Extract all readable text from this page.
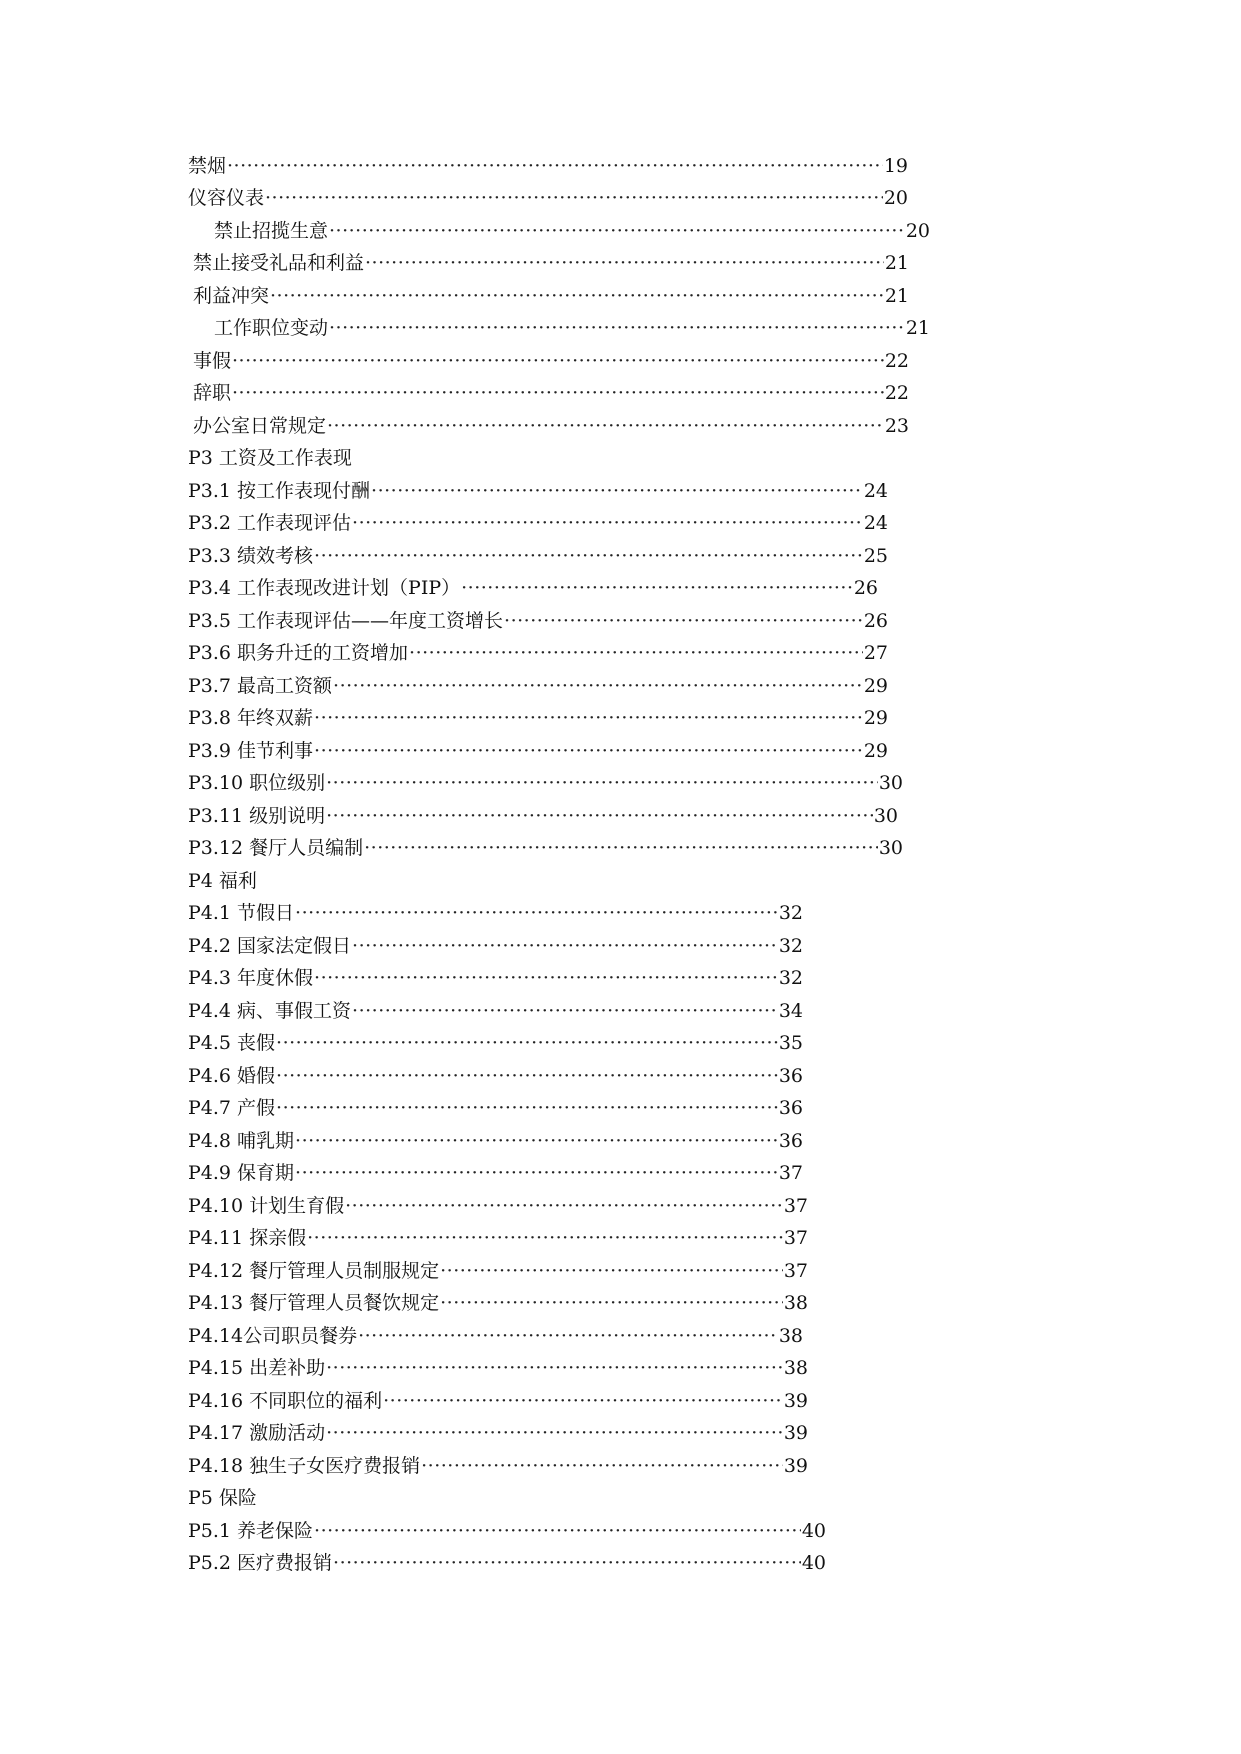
禁烟 ·····	19
仪容仪表 ·····	20
禁止招揽生意 ·····	20
禁止接受礼品和利益 ·····	21
利益冲突 ·····	21
工作职位变动 ·····	21
事假 ·····	22
辞职 ·····	22
办公室日常规定 ·····	23
P3 工资及工作表现
P3.1 按工作表现付酬 ·····	24
P3.2 工作表现评估 ·····	24
P3.3 绩效考核 ·····	25
P3.4 工作表现改进计划（PIP） ·····	26
P3.5 工作表现评估——年度工资增长 ·····	26
P3.6 职务升迁的工资增加 ·····	27
P3.7 最高工资额 ·····	29
P3.8 年终双薪 ·····	29
P3.9 佳节利事 ·····	29
P3.10 职位级别 ·····	30
P3.11 级别说明 ·····	30
P3.12 餐厅人员编制 ·····	30
P4 福利
P4.1 节假日 ·····	32
P4.2 国家法定假日 ·····	32
P4.3 年度休假 ·····	32
P4.4 病、事假工资 ·····	34
P4.5 丧假 ·····	35
P4.6 婚假 ·····	36
P4.7 产假 ·····	36
P4.8 哺乳期 ·····	36
P4.9 保育期 ·····	37
P4.10 计划生育假 ·····	37
P4.11 探亲假 ·····	37
P4.12 餐厅管理人员制服规定 ·····	37
P4.13 餐厅管理人员餐饮规定 ·····	38
P4.14公司职员餐券 ·····	38
P4.15 出差补助 ·····	38
P4.16 不同职位的福利 ·····	39
P4.17 激励活动 ·····	39
P4.18 独生子女医疗费报销 ·····	39
P5 保险
P5.1 养老保险 ·····	40
P5.2 医疗费报销 ·····	40
